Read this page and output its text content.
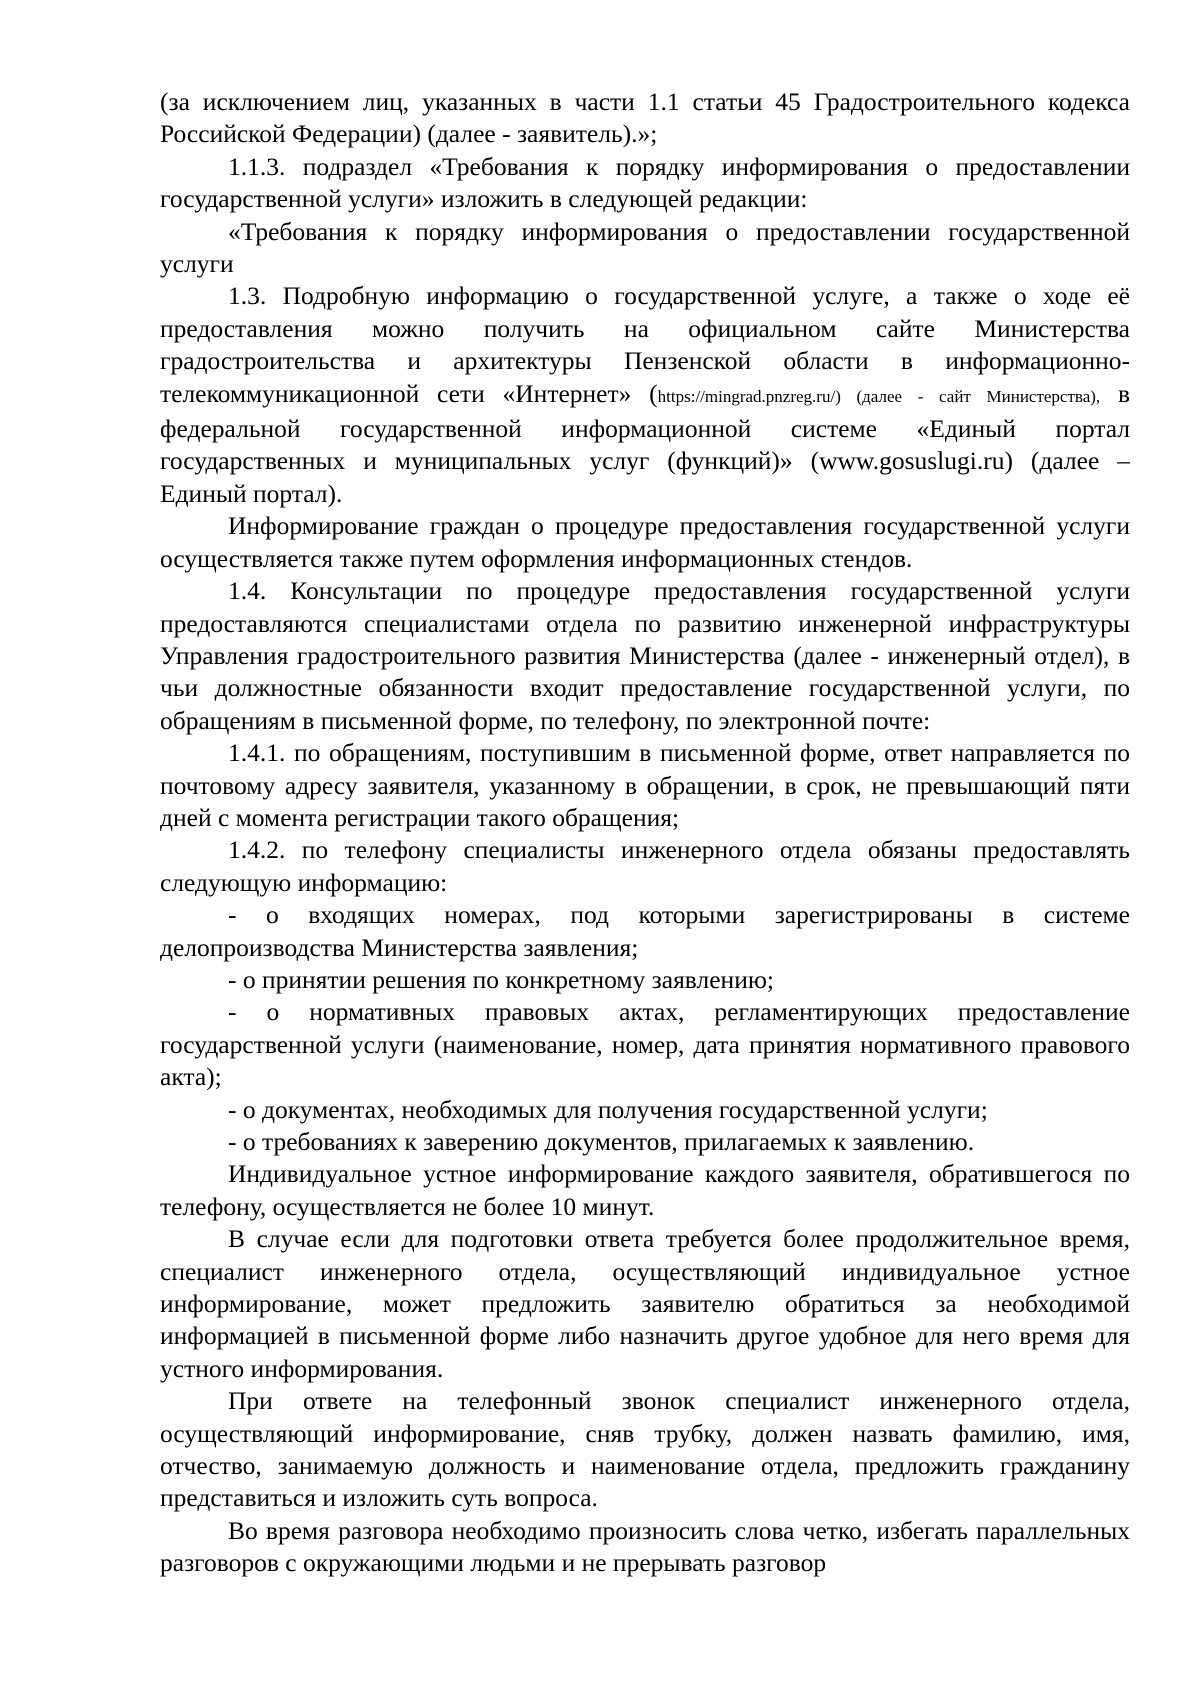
(за исключением лиц, указанных в части 1.1 статьи 45 Градостроительного кодекса Российской Федерации) (далее - заявитель).»;

1.1.3. подраздел «Требования к порядку информирования о предоставлении государственной услуги» изложить в следующей редакции:

«Требования к порядку информирования о предоставлении государственной услуги

1.3. Подробную информацию о государственной услуге, а также о ходе её предоставления можно получить на официальном сайте Министерства градостроительства и архитектуры Пензенской области в информационно-телекоммуникационной сети «Интернет» (https://mingrad.pnzreg.ru/) (далее - сайт Министерства), в федеральной государственной информационной системе «Единый портал государственных и муниципальных услуг (функций)» (www.gosuslugi.ru) (далее – Единый портал).

Информирование граждан о процедуре предоставления государственной услуги осуществляется также путем оформления информационных стендов.

1.4. Консультации по процедуре предоставления государственной услуги предоставляются специалистами отдела по развитию инженерной инфраструктуры Управления градостроительного развития Министерства (далее - инженерный отдел), в чьи должностные обязанности входит предоставление государственной услуги, по обращениям в письменной форме, по телефону, по электронной почте:

1.4.1. по обращениям, поступившим в письменной форме, ответ направляется по почтовому адресу заявителя, указанному в обращении, в срок, не превышающий пяти дней с момента регистрации такого обращения;

1.4.2. по телефону специалисты инженерного отдела обязаны предоставлять следующую информацию:

- о входящих номерах, под которыми зарегистрированы в системе делопроизводства Министерства заявления;

- о принятии решения по конкретному заявлению;

- о нормативных правовых актах, регламентирующих предоставление государственной услуги (наименование, номер, дата принятия нормативного правового акта);

- о документах, необходимых для получения государственной услуги;

- о требованиях к заверению документов, прилагаемых к заявлению.

Индивидуальное устное информирование каждого заявителя, обратившегося по телефону, осуществляется не более 10 минут.

В случае если для подготовки ответа требуется более продолжительное время, специалист инженерного отдела, осуществляющий индивидуальное устное информирование, может предложить заявителю обратиться за необходимой информацией в письменной форме либо назначить другое удобное для него время для устного информирования.

При ответе на телефонный звонок специалист инженерного отдела, осуществляющий информирование, сняв трубку, должен назвать фамилию, имя, отчество, занимаемую должность и наименование отдела, предложить гражданину представиться и изложить суть вопроса.

Во время разговора необходимо произносить слова четко, избегать параллельных разговоров с окружающими людьми и не прерывать разговор
